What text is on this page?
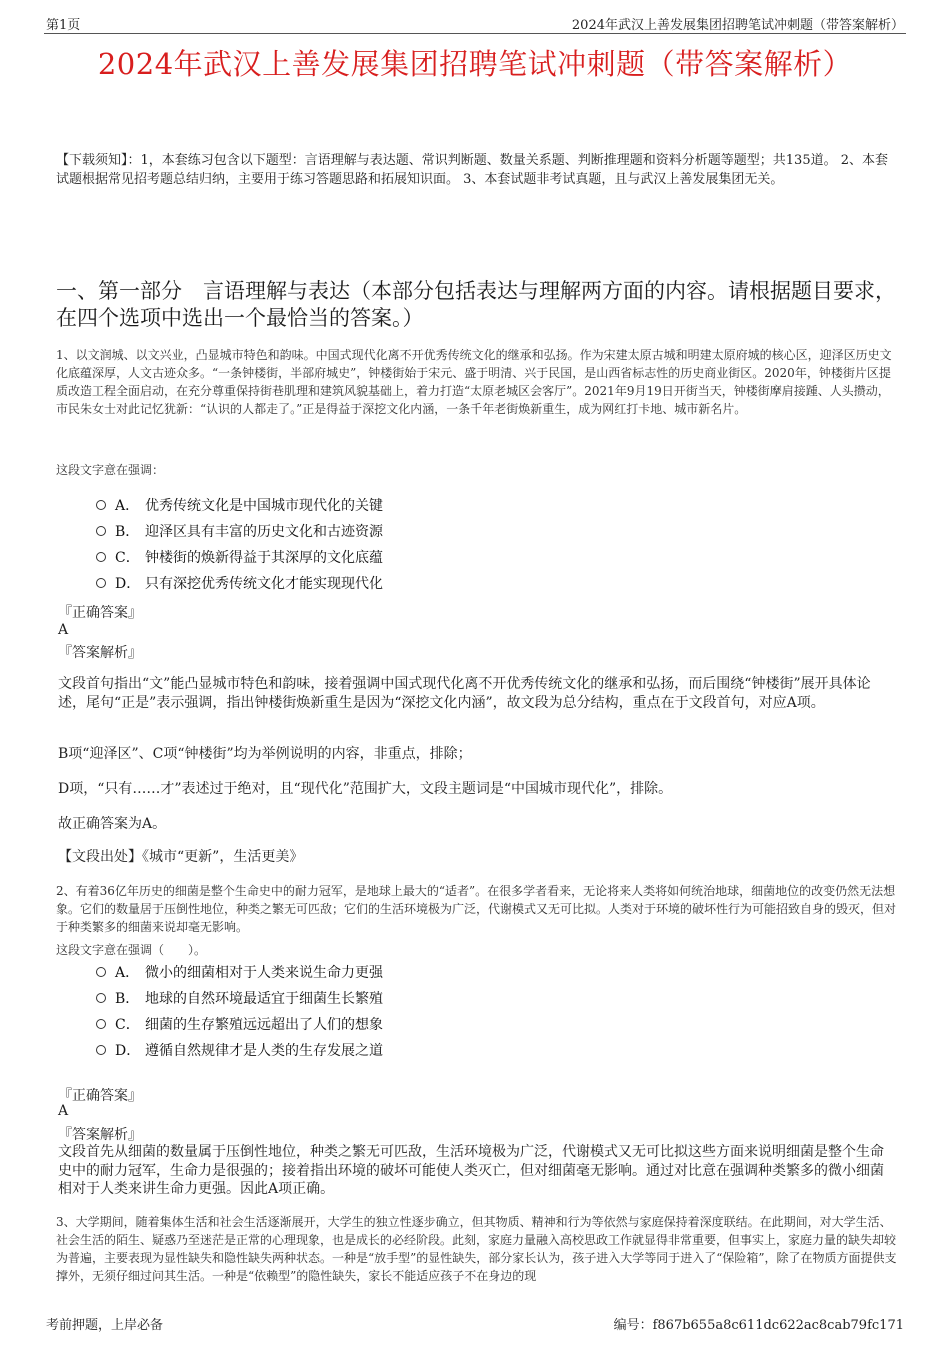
第1页	2024年武汉上善发展集团招聘笔试冲刺题（带答案解析）
2024年武汉上善发展集团招聘笔试冲刺题（带答案解析）
【下载须知】：1，本套练习包含以下题型：言语理解与表达题、常识判断题、数量关系题、判断推理题和资料分析题等题型；共135道。 2、本套试题根据常见招考题总结归纳，主要用于练习答题思路和拓展知识面。 3、本套试题非考试真题，且与武汉上善发展集团无关。
一、第一部分　言语理解与表达（本部分包括表达与理解两方面的内容。请根据题目要求，在四个选项中选出一个最恰当的答案。）
1、以文润城、以文兴业，凸显城市特色和韵味。中国式现代化离不开优秀传统文化的继承和弘扬。作为宋建太原古城和明建太原府城的核心区，迎泽区历史文化底蕴深厚，人文古迹众多。“一条钟楼街，半部府城史”，钟楼街始于宋元、盛于明清、兴于民国，是山西省标志性的历史商业街区。2020年，钟楼街片区提质改造工程全面启动，在充分尊重保持街巷肌理和建筑风貌基础上，着力打造“太原老城区会客厅”。2021年9月19日开街当天，钟楼街摩肩接踵、人头攒动，市民朱女士对此记忆犹新：“认识的人都走了。”正是得益于深挖文化内涵，一条千年老街焕新重生，成为网红打卡地、城市新名片。
这段文字意在强调：
A． 优秀传统文化是中国城市现代化的关键
B． 迎泽区具有丰富的历史文化和古迹资源
C． 钟楼街的焕新得益于其深厚的文化底蕴
D． 只有深挖优秀传统文化才能实现现代化
『正确答案』
A
『答案解析』
文段首句指出“文”能凸显城市特色和韵味，接着强调中国式现代化离不开优秀传统文化的继承和弘扬，而后围绕“钟楼街”展开具体论述，尾句“正是”表示强调，指出钟楼街焕新重生是因为“深挖文化内涵”，故文段为总分结构，重点在于文段首句，对应A项。
B项“迎泽区”、C项“钟楼街”均为举例说明的内容，非重点，排除；
D项，“只有……才”表述过于绝对，且“现代化”范围扩大，文段主题词是“中国城市现代化”，排除。
故正确答案为A。
【文段出处】《城市“更新”，生活更美》
2、有着36亿年历史的细菌是整个生命史中的耐力冠军，是地球上最大的“适者”。在很多学者看来，无论将来人类将如何统治地球，细菌地位的改变仍然无法想象。它们的数量居于压倒性地位，种类之繁无可匹敌；它们的生活环境极为广泛，代谢模式又无可比拟。人类对于环境的破坏性行为可能招致自身的毁灭，但对于种类繁多的细菌来说却毫无影响。
这段文字意在强调（　　）。
A． 微小的细菌相对于人类来说生命力更强
B． 地球的自然环境最适宜于细菌生长繁殖
C． 细菌的生存繁殖远远超出了人们的想象
D． 遵循自然规律才是人类的生存发展之道
『正确答案』
A
『答案解析』
文段首先从细菌的数量属于压倒性地位，种类之繁无可匹敌，生活环境极为广泛，代谢模式又无可比拟这些方面来说明细菌是整个生命史中的耐力冠军，生命力是很强的；接着指出环境的破坏可能使人类灭亡，但对细菌毫无影响。通过对比意在强调种类繁多的微小细菌相对于人类来讲生命力更强。因此A项正确。
3、大学期间，随着集体生活和社会生活逐渐展开，大学生的独立性逐步确立，但其物质、精神和行为等依然与家庭保持着深度联结。在此期间，对大学生活、社会生活的陌生、疑惑乃至迷茫是正常的心理现象，也是成长的必经阶段。此刻，家庭力量融入高校思政工作就显得非常重要，但事实上，家庭力量的缺失却较为普遍，主要表现为显性缺失和隐性缺失两种状态。一种是“放手型”的显性缺失，部分家长认为，孩子进入大学等同于进入了“保险箱”，除了在物质方面提供支撑外，无须仔细过问其生活。一种是“依赖型”的隐性缺失，家长不能适应孩子不在身边的现
考前押题，上岸必备	编号：f867b655a8c611dc622ac8cab79fc171
